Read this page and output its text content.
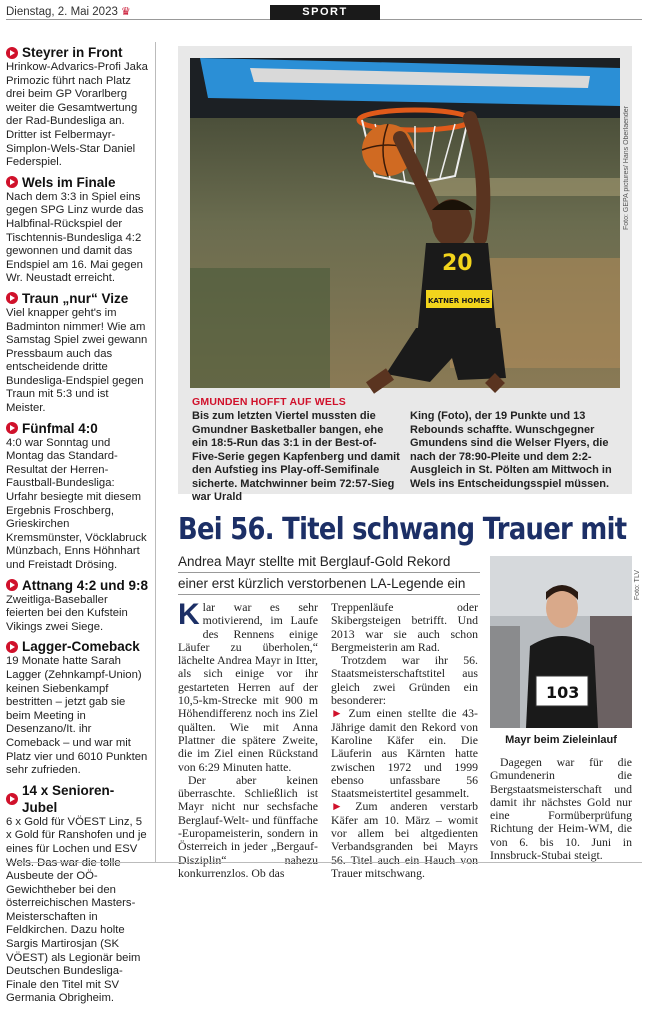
Dienstag, 2. Mai 2023 ♛	SPORT
Steyrer in Front
Hrinkow-Advarics-Profi Jaka Primozic führt nach Platz drei beim GP Vorarlberg weiter die Gesamtwertung der Rad-Bundesliga an. Dritter ist Felbermayr-Simplon-Wels-Star Daniel Federspiel.
Wels im Finale
Nach dem 3:3 in Spiel eins gegen SPG Linz wurde das Halbfinal-Rückspiel der Tischtennis-Bundesliga 4:2 gewonnen und damit das Endspiel am 16. Mai gegen Wr. Neustadt erreicht.
Traun „nur“ Vize
Viel knapper geht's im Badminton nimmer! Wie am Samstag Spiel zwei gewann Pressbaum auch das entscheidende dritte Bundesliga-Endspiel gegen Traun mit 5:3 und ist Meister.
Fünfmal 4:0
4:0 war Sonntag und Montag das Standard-Resultat der Herren-Faustball-Bundesliga: Urfahr besiegte mit diesem Ergebnis Froschberg, Grieskirchen Kremsmünster, Vöcklabruck Münzbach, Enns Höhnhart und Freistadt Drösing.
Attnang 4:2 und 9:8
Zweitliga-Baseballer feierten bei den Kufstein Vikings zwei Siege.
Lagger-Comeback
19 Monate hatte Sarah Lagger (Zehnkampf-Union) keinen Siebenkampf bestritten – jetzt gab sie beim Meeting in Desenzano/It. ihr Comeback – und war mit Platz vier und 6010 Punkten sehr zufrieden.
14 x Senioren-Jubel
6 x Gold für VÖEST Linz, 5 x Gold für Ranshofen und je eines für Lochen und ESV Wels. Das war die tolle Ausbeute der OÖ-Gewichtheber bei den österreichischen Masters-Meisterschaften in Feldkirchen. Dazu holte Sargis Martirosjan (SK VÖEST) als Legionär beim Deutschen Bundesliga-Finale den Titel mit SV Germania Obrigheim.
20
KATNER HOMES
Foto: GEPA pictures/ Hans Oberlaender
GMUNDEN HOFFT AUF WELS
Bis zum letzten Viertel mussten die Gmundner Basketballer bangen, ehe ein 18:5-Run das 3:1 in der Best-of-Five-Serie gegen Kapfenberg und damit den Aufstieg ins Play-off-Semifinale sicherte. Matchwinner beim 72:57-Sieg war Urald
King (Foto), der 19 Punkte und 13 Rebounds schaffte. Wunschgegner Gmundens sind die Welser Flyers, die nach der 78:90-Pleite und dem 2:2-Ausgleich in St. Pölten am Mittwoch in Wels ins Entscheidungsspiel müssen.
Bei 56. Titel schwang Trauer mit
Andrea Mayr stellte mit Berglauf-Gold Rekord
einer erst kürzlich verstorbenen LA-Legende ein

Klar war es sehr motivierend, im Laufe des Rennens einige Läufer zu überholen,“ lächelte Andrea Mayr in Itter, als sich einige vor ihr gestarteten Herren auf der 10,5-km-Strecke mit 900 m Höhendifferenz noch ins Ziel quälten. Wie mit Anna Plattner die spätere Zweite, die im Ziel einen Rückstand von 6:29 Minuten hatte.

Der aber keinen überraschte. Schließlich ist Mayr nicht nur sechsfache Berglauf-Welt- und fünffache -Europameisterin, sondern in Österreich in jeder „Bergauf-Disziplin“ nahezu konkurrenzlos. Ob das

Treppenläufe oder Skibergsteigen betrifft. Und 2013 war sie auch schon Bergmeisterin am Rad.

Trotzdem war ihr 56. Staatsmeisterschaftstitel aus gleich zwei Gründen ein besonderer:

► Zum einen stellte die 43-Jährige damit den Rekord von Karoline Käfer ein. Die Läuferin aus Kärnten hatte zwischen 1972 und 1999 ebenso unfassbare 56 Staatsmeistertitel gesammelt.

► Zum anderen verstarb Käfer am 10. März – womit vor allem bei altgedienten Verbandsgranden bei Mayrs 56. Titel auch ein Hauch von Trauer mitschwang.

103
Foto: TLV
Mayr beim Zieleinlauf

Dagegen war für die Gmundenerin die Bergstaatsmeisterschaft und damit ihr nächstes Gold nur eine Formüberprüfung Richtung der Heim-WM, die von 6. bis 10. Juni in Innsbruck-Stubai steigt.
